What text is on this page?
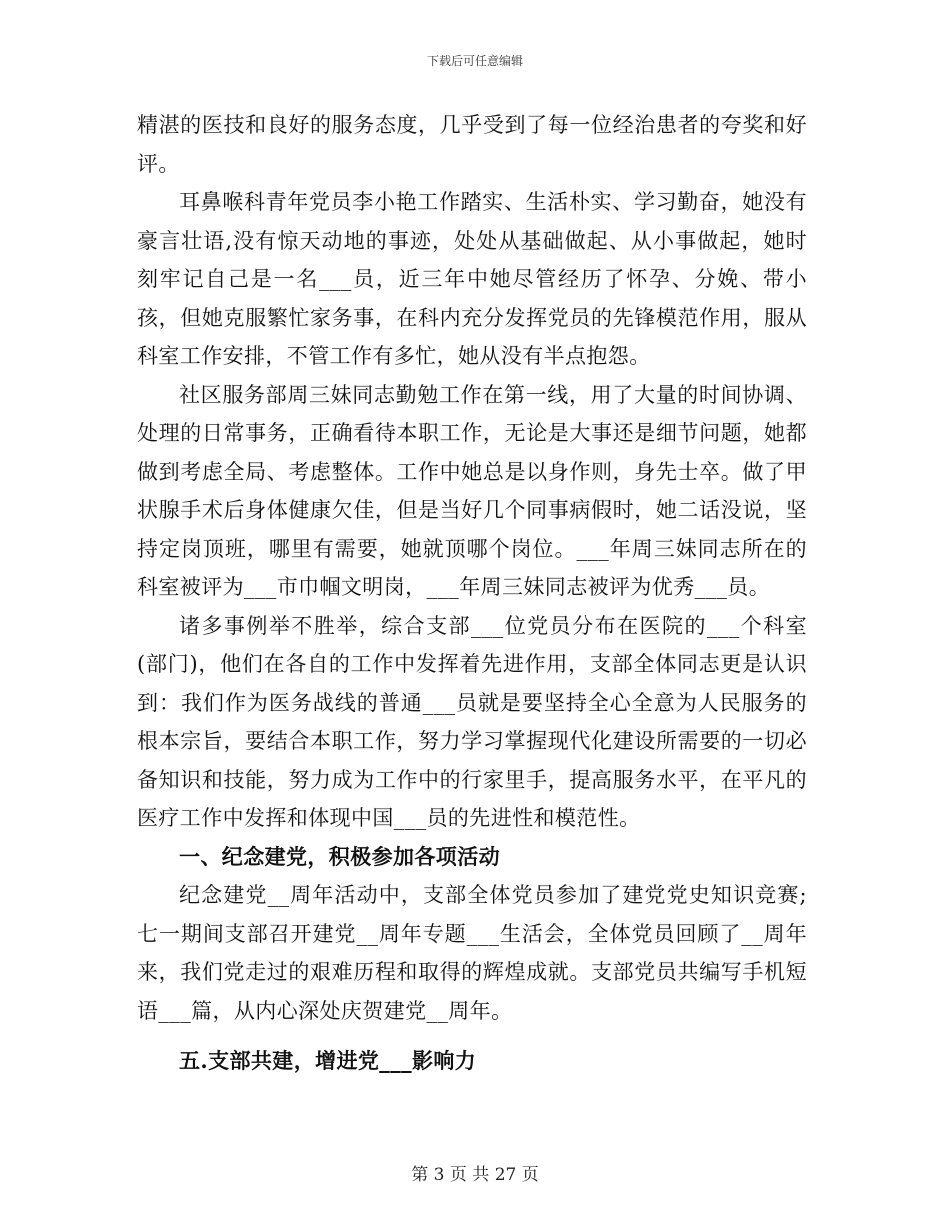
下载后可任意编辑

精湛的医技和良好的服务态度，几乎受到了每一位经治患者的夸奖和好评。

耳鼻喉科青年党员李小艳工作踏实、生活朴实、学习勤奋，她没有豪言壮语,没有惊天动地的事迹，处处从基础做起、从小事做起，她时刻牢记自己是一名___员，近三年中她尽管经历了怀孕、分娩、带小孩，但她克服繁忙家务事，在科内充分发挥党员的先锋模范作用，服从科室工作安排，不管工作有多忙，她从没有半点抱怨。

社区服务部周三妹同志勤勉工作在第一线，用了大量的时间协调、处理的日常事务，正确看待本职工作，无论是大事还是细节问题，她都做到考虑全局、考虑整体。工作中她总是以身作则，身先士卒。做了甲状腺手术后身体健康欠佳，但是当好几个同事病假时，她二话没说，坚持定岗顶班，哪里有需要，她就顶哪个岗位。___年周三妹同志所在的科室被评为___市巾帼文明岗，___年周三妹同志被评为优秀___员。

诸多事例举不胜举，综合支部___位党员分布在医院的___个科室(部门)，他们在各自的工作中发挥着先进作用，支部全体同志更是认识到：我们作为医务战线的普通___员就是要坚持全心全意为人民服务的根本宗旨，要结合本职工作，努力学习掌握现代化建设所需要的一切必备知识和技能，努力成为工作中的行家里手，提高服务水平，在平凡的医疗工作中发挥和体现中国___员的先进性和模范性。

一、纪念建党，积极参加各项活动

纪念建党__周年活动中，支部全体党员参加了建党党史知识竞赛;七一期间支部召开建党__周年专题___生活会，全体党员回顾了__周年来，我们党走过的艰难历程和取得的辉煌成就。支部党员共编写手机短语___篇，从内心深处庆贺建党__周年。

五.支部共建，增进党___影响力

第 3 页 共 27 页
